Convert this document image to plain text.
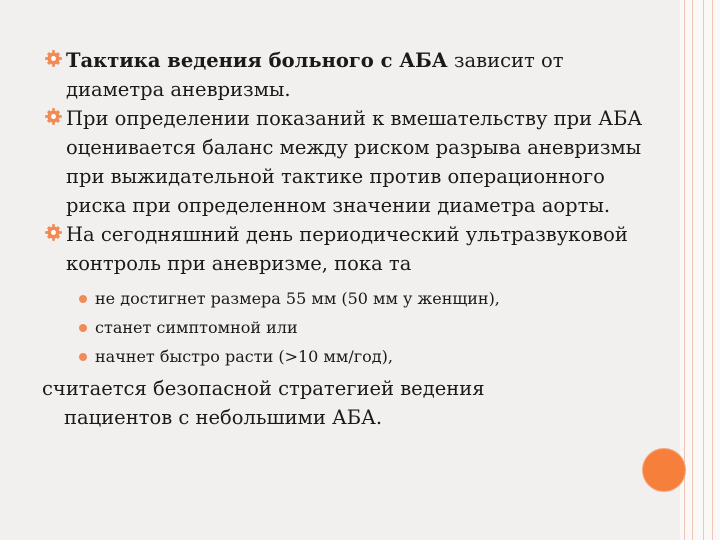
Тактика ведения больного с АБА зависит от диаметра аневризмы.
При определении показаний к вмешательству при АБА оценивается баланс между риском разрыва аневризмы при выжидательной тактике против операционного риска при определенном значении диаметра аорты.
На сегодняшний день периодический ультразвуковой контроль при аневризме, пока та
не достигнет размера 55 мм (50 мм у женщин),
станет симптомной или
начнет быстро расти (>10 мм/год),
считается безопасной стратегией ведения
пациентов с небольшими АБА.
